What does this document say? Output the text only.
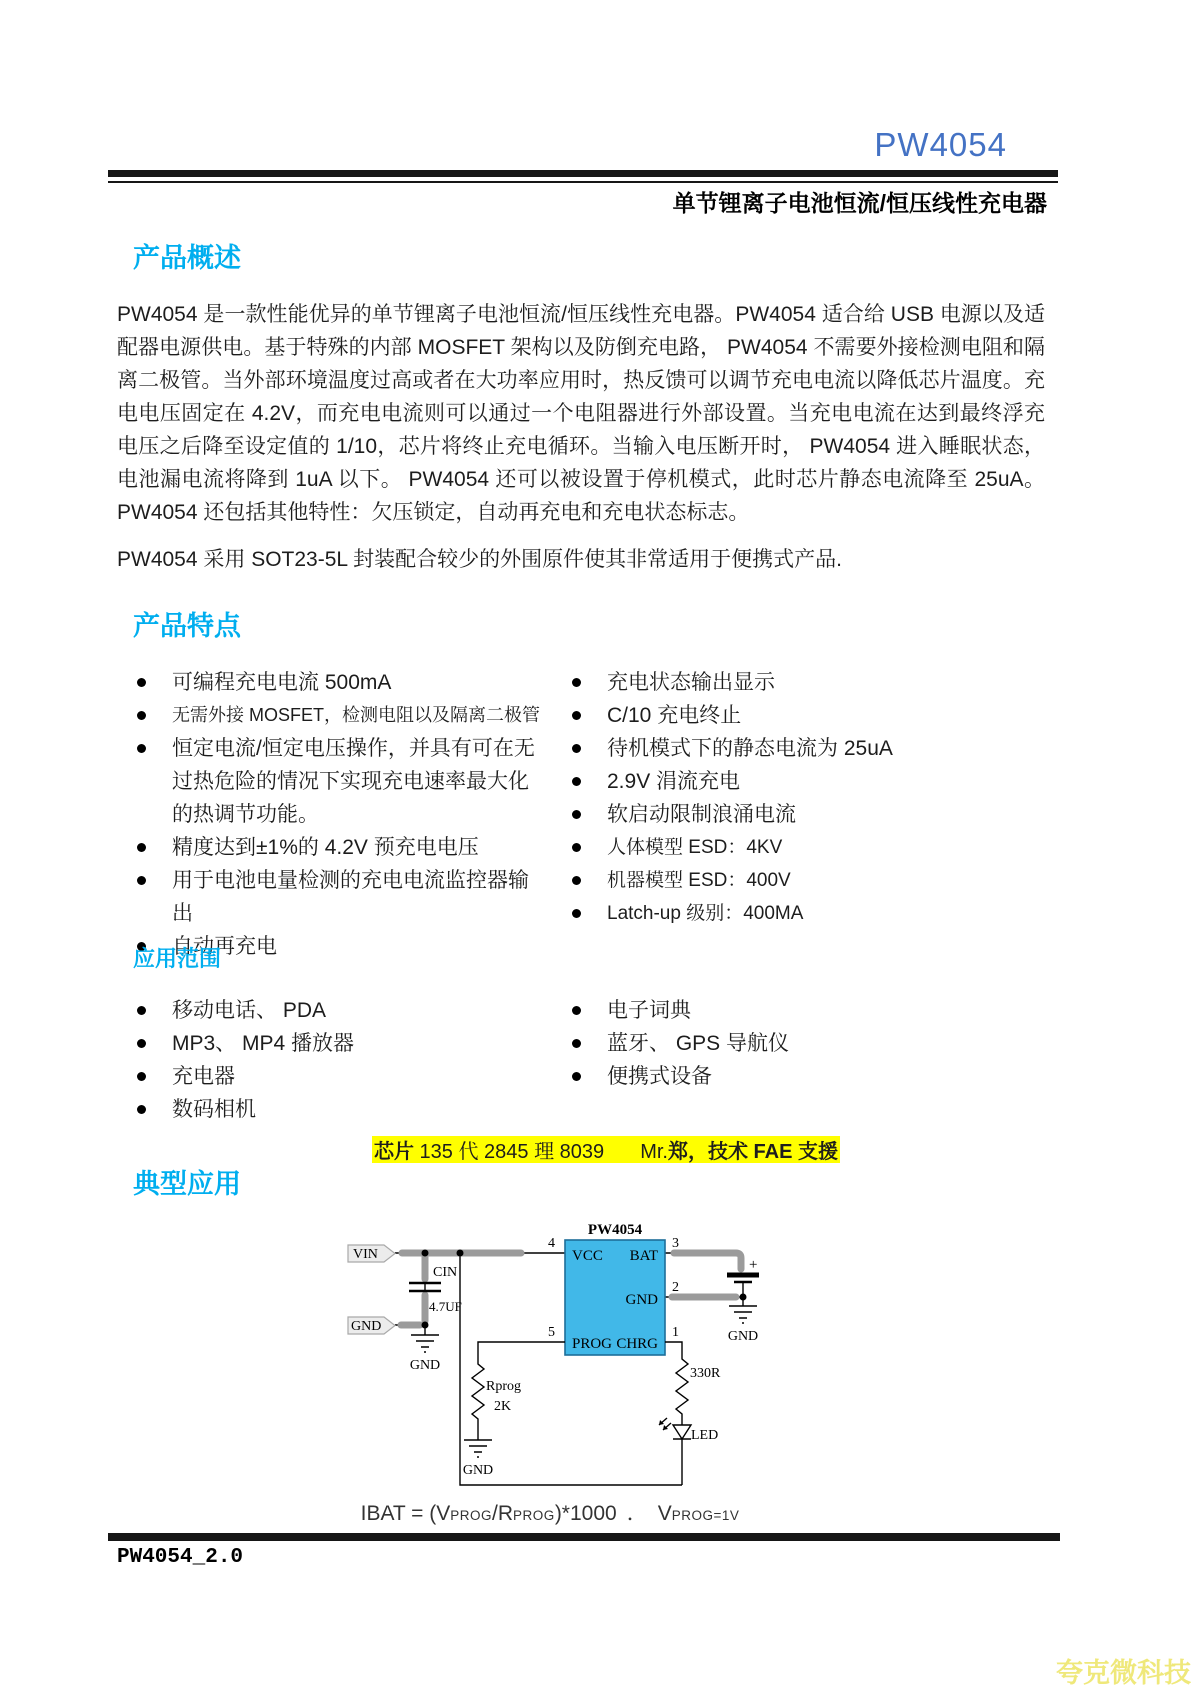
PW4054
单节锂离子电池恒流/恒压线性充电器
产品概述
PW4054 是一款性能优异的单节锂离子电池恒流/恒压线性充电器。PW4054 适合给 USB 电源以及适配器电源供电。基于特殊的内部 MOSFET 架构以及防倒充电路， PW4054 不需要外接检测电阻和隔离二极管。当外部环境温度过高或者在大功率应用时，热反馈可以调节充电电流以降低芯片温度。充电电压固定在 4.2V，而充电电流则可以通过一个电阻器进行外部设置。当充电电流在达到最终浮充电压之后降至设定值的 1/10，芯片将终止充电循环。当输入电压断开时， PW4054 进入睡眠状态，电池漏电流将降到 1uA 以下。 PW4054 还可以被设置于停机模式，此时芯片静态电流降至 25uA。PW4054 还包括其他特性：欠压锁定，自动再充电和充电状态标志。
PW4054 采用 SOT23-5L 封装配合较少的外围原件使其非常适用于便携式产品.
产品特点
可编程充电电流 500mA
无需外接 MOSFET，检测电阻以及隔离二极管
恒定电流/恒定电压操作，并具有可在无过热危险的情况下实现充电速率最大化的热调节功能。
精度达到±1%的 4.2V 预充电电压
用于电池电量检测的充电电流监控器输出
自动再充电
充电状态输出显示
C/10 充电终止
待机模式下的静态电流为 25uA
2.9V 涓流充电
软启动限制浪涌电流
人体模型 ESD：4KV
机器模型 ESD：400V
Latch-up 级别：400MA
应用范围
移动电话、 PDA
MP3、 MP4 播放器
充电器
数码相机
电子词典
蓝牙、 GPS 导航仪
便携式设备
芯片 135 代 2845 理 8039 Mr.郑，技术 FAE 支援
典型应用
VIN
GND
CIN
4.7UF
GND
PW4054
VCC BAT
GND
PROG CHRG
4	3
2
5	1
Rprog
2K
GND
330R
LED
+
GND
IBAT = (VPROG/RPROG)*1000 ． VPROG=1V
PW4054_2.0
夸克微科技
